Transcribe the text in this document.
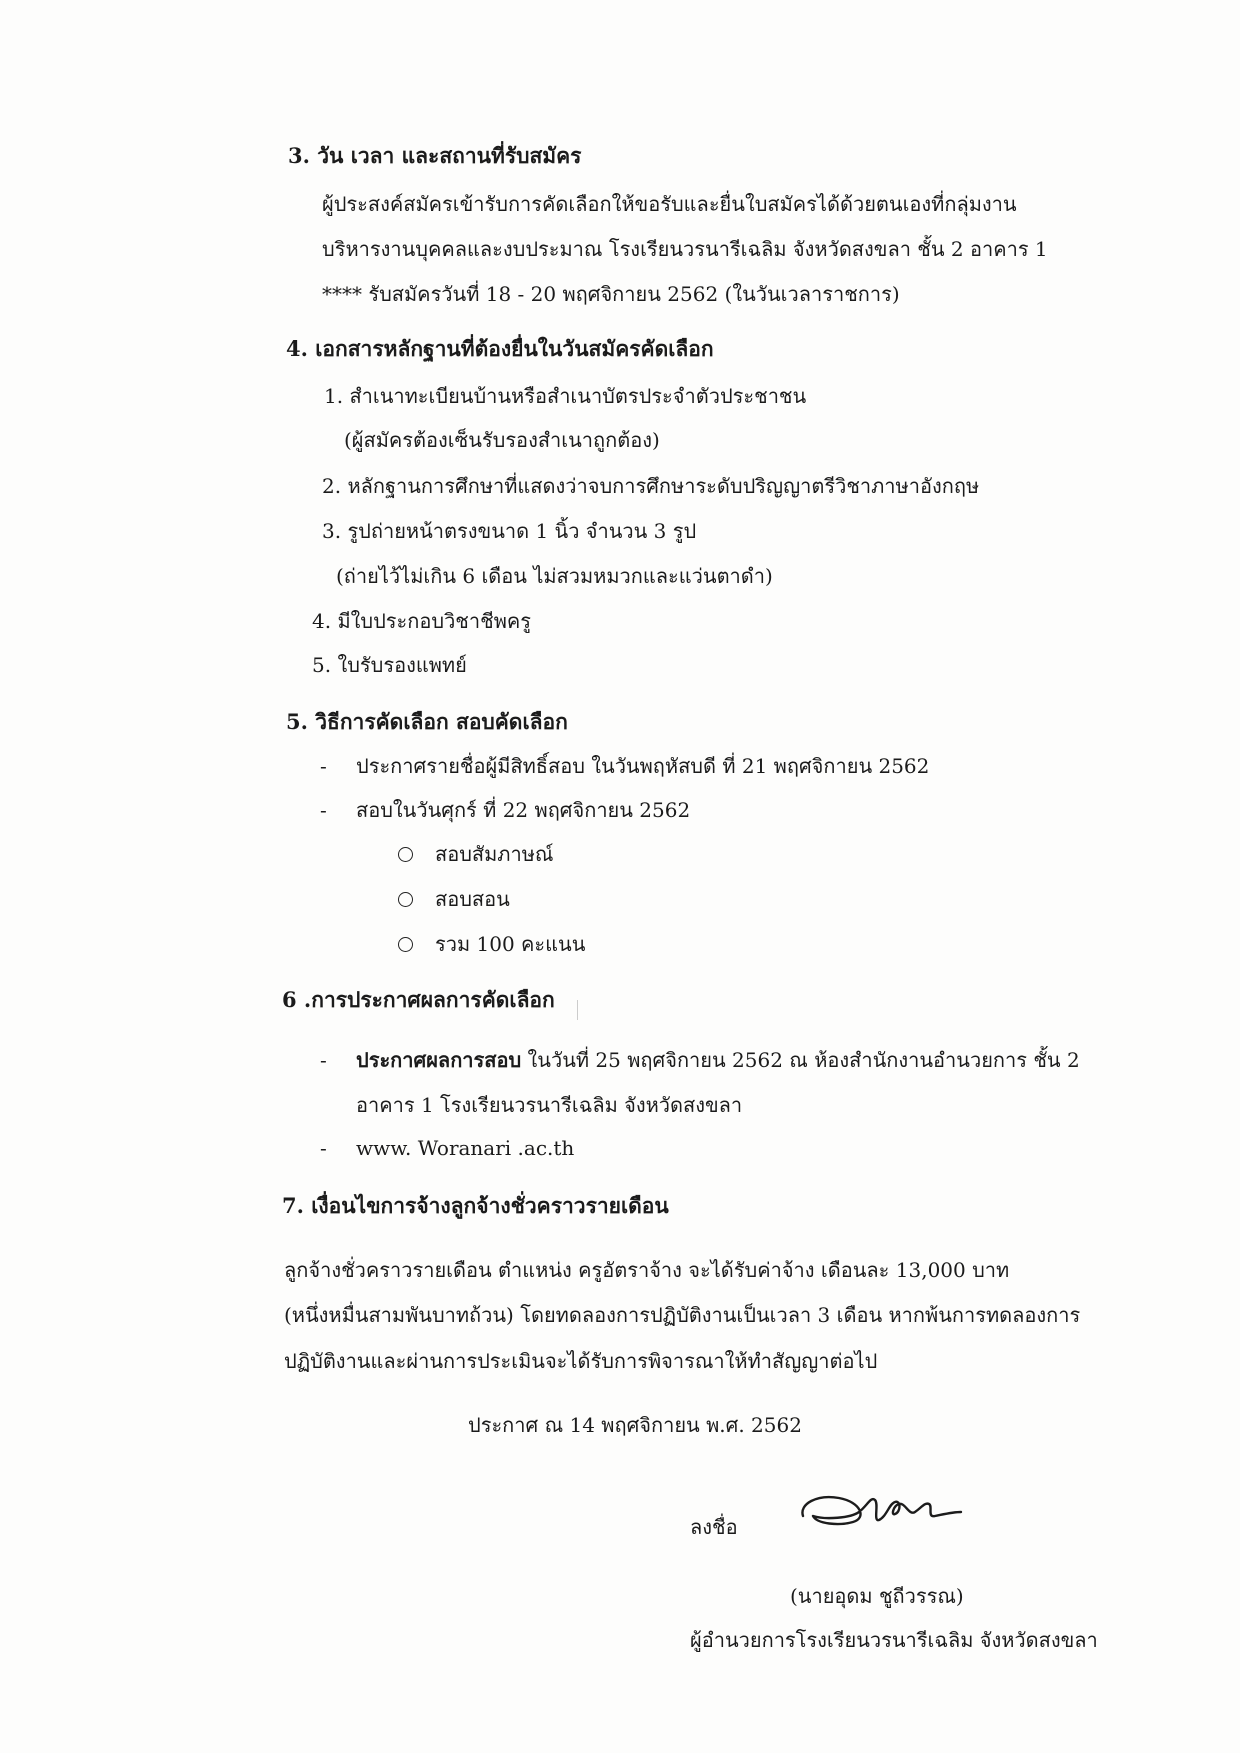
3. วัน เวลา และสถานที่รับสมัคร
ผู้ประสงค์สมัครเข้ารับการคัดเลือกให้ขอรับและยื่นใบสมัครได้ด้วยตนเองที่กลุ่มงาน
บริหารงานบุคคลและงบประมาณ โรงเรียนวรนารีเฉลิม จังหวัดสงขลา ชั้น 2 อาคาร 1
**** รับสมัครวันที่ 18 - 20 พฤศจิกายน 2562 (ในวันเวลาราชการ)
4. เอกสารหลักฐานที่ต้องยื่นในวันสมัครคัดเลือก
1. สำเนาทะเบียนบ้านหรือสำเนาบัตรประจำตัวประชาชน
(ผู้สมัครต้องเซ็นรับรองสำเนาถูกต้อง)
2. หลักฐานการศึกษาที่แสดงว่าจบการศึกษาระดับปริญญาตรีวิชาภาษาอังกฤษ
3. รูปถ่ายหน้าตรงขนาด 1 นิ้ว จำนวน 3 รูป
(ถ่ายไว้ไม่เกิน 6 เดือน ไม่สวมหมวกและแว่นตาดำ)
4. มีใบประกอบวิชาชีพครู
5. ใบรับรองแพทย์
5. วิธีการคัดเลือก สอบคัดเลือก
- ประกาศรายชื่อผู้มีสิทธิ์สอบ ในวันพฤหัสบดี ที่ 21 พฤศจิกายน 2562
- สอบในวันศุกร์ ที่ 22 พฤศจิกายน 2562
สอบสัมภาษณ์
สอบสอน
รวม 100 คะแนน
6 .การประกาศผลการคัดเลือก
- ประกาศผลการสอบ ในวันที่ 25 พฤศจิกายน 2562 ณ ห้องสำนักงานอำนวยการ ชั้น 2
อาคาร 1 โรงเรียนวรนารีเฉลิม จังหวัดสงขลา
- www. Woranari .ac.th
7. เงื่อนไขการจ้างลูกจ้างชั่วคราวรายเดือน
ลูกจ้างชั่วคราวรายเดือน ตำแหน่ง ครูอัตราจ้าง จะได้รับค่าจ้าง เดือนละ 13,000 บาท
(หนึ่งหมื่นสามพันบาทถ้วน) โดยทดลองการปฏิบัติงานเป็นเวลา 3 เดือน หากพ้นการทดลองการ
ปฏิบัติงานและผ่านการประเมินจะได้รับการพิจารณาให้ทำสัญญาต่อไป
ประกาศ ณ 14 พฤศจิกายน พ.ศ. 2562
ลงชื่อ
(นายอุดม ชูถีวรรณ)
ผู้อำนวยการโรงเรียนวรนารีเฉลิม จังหวัดสงขลา
